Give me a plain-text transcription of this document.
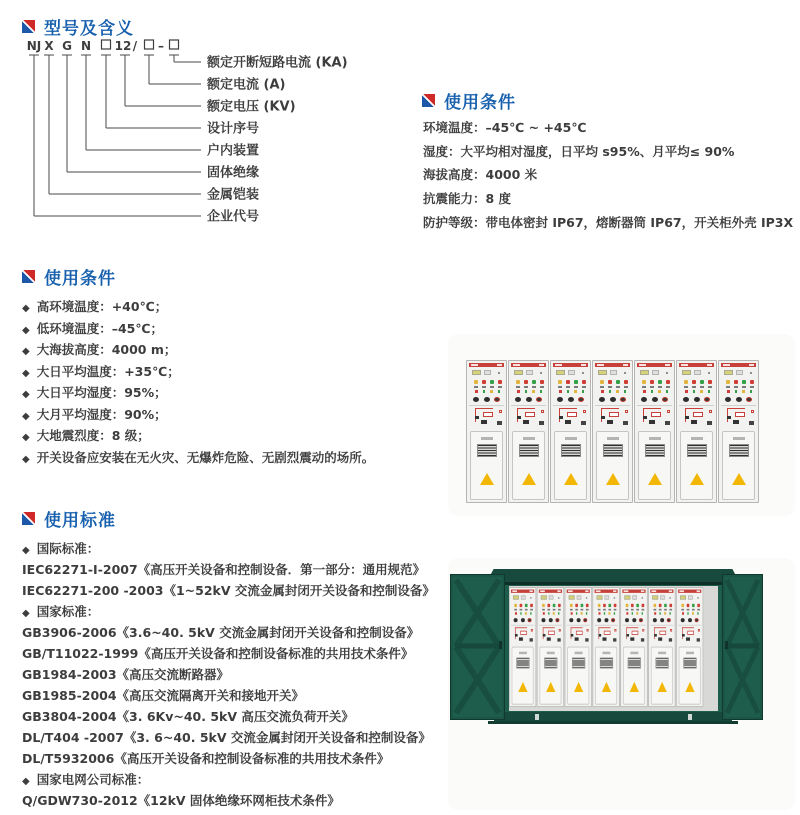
型号及含义
NJ X G N 12 / –
额定开断短路电流 (KA)
额定电流 (A)
额定电压 (KV)
设计序号
户内装置
固体绝缘
金属铠装
企业代号
使用条件
环境温度：–45℃ ~ +45℃
湿度：大平均相对湿度，日平均 s95%、月平均≤ 90%
海拔高度：4000 米
抗震能力：8 度
防护等级：带电体密封 IP67，熔断器筒 IP67，开关柜外壳 IP3X
使用条件
◆ 高环境温度：+40℃；
◆ 低环境温度：–45℃；
◆ 大海拔高度：4000 m；
◆ 大日平均温度：+35℃；
◆ 大日平均湿度：95%；
◆ 大月平均湿度：90%；
◆ 大地震烈度：8 级；
◆ 开关设备应安装在无火灾、无爆炸危险、无剧烈震动的场所。
使用标准
◆ 国际标准：
IEC62271-I-2007《高压开关设备和控制设备．第一部分：通用规范》
IEC62271-200 -2003《1~52kV 交流金属封闭开关设备和控制设备》
◆ 国家标准：
GB3906-2006《3.6~40. 5kV 交流金属封闭开关设备和控制设备》
GB/T11022-1999《高压开关设备和控制设备标准的共用技术条件》
GB1984-2003《高压交流断路器》
GB1985-2004《高压交流隔离开关和接地开关》
GB3804-2004《3. 6Kv~40. 5kV 高压交流负荷开关》
DL/T404 -2007《3. 6~40. 5kV 交流金属封闭开关设备和控制设备》
DL/T5932006《高压开关设备和控制设备标准的共用技术条件》
◆ 国家电网公司标准：
Q/GDW730-2012《12kV 固体绝缘环网柜技术条件》
